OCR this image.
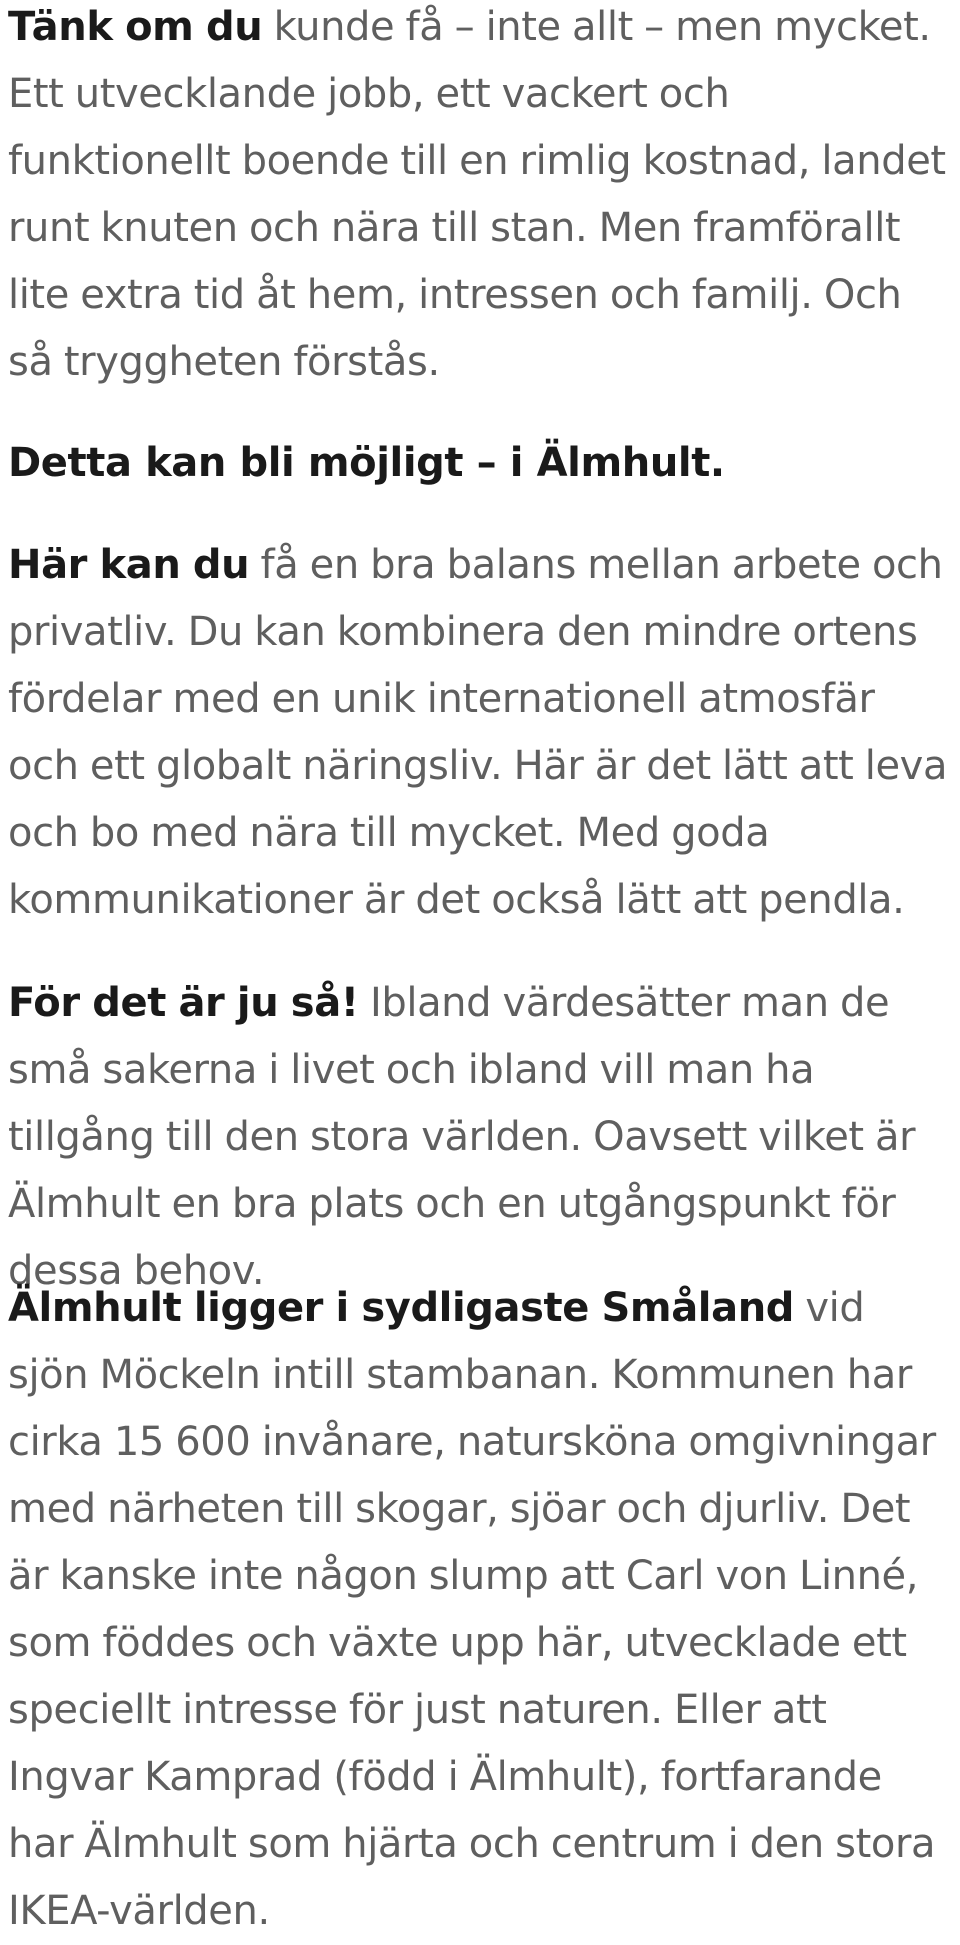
Tänk om du kunde få – inte allt – men mycket. Ett utvecklande jobb, ett vackert och funktionellt boende till en rimlig kostnad, landet runt knuten och nära till stan. Men framförallt lite extra tid åt hem, intressen och familj. Och så tryggheten förstås.

Detta kan bli möjligt – i Älmhult.

Här kan du få en bra balans mellan arbete och privatliv. Du kan kombinera den mindre ortens fördelar med en unik internationell atmosfär och ett globalt näringsliv. Här är det lätt att leva och bo med nära till mycket. Med goda kommunikationer är det också lätt att pendla.

För det är ju så! Ibland värdesätter man de små sakerna i livet och ibland vill man ha tillgång till den stora världen. Oavsett vilket är Älmhult en bra plats och en utgångspunkt för dessa behov.

Älmhult ligger i sydligaste Småland vid sjön Möckeln intill stambanan. Kommunen har cirka 15 600 invånare, natursköna omgivningar med närheten till skogar, sjöar och djurliv. Det är kanske inte någon slump att Carl von Linné, som föddes och växte upp här, utvecklade ett speciellt intresse för just naturen. Eller att Ingvar Kamprad (född i Älmhult), fortfarande har Älmhult som hjärta och centrum i den stora IKEA-världen.
